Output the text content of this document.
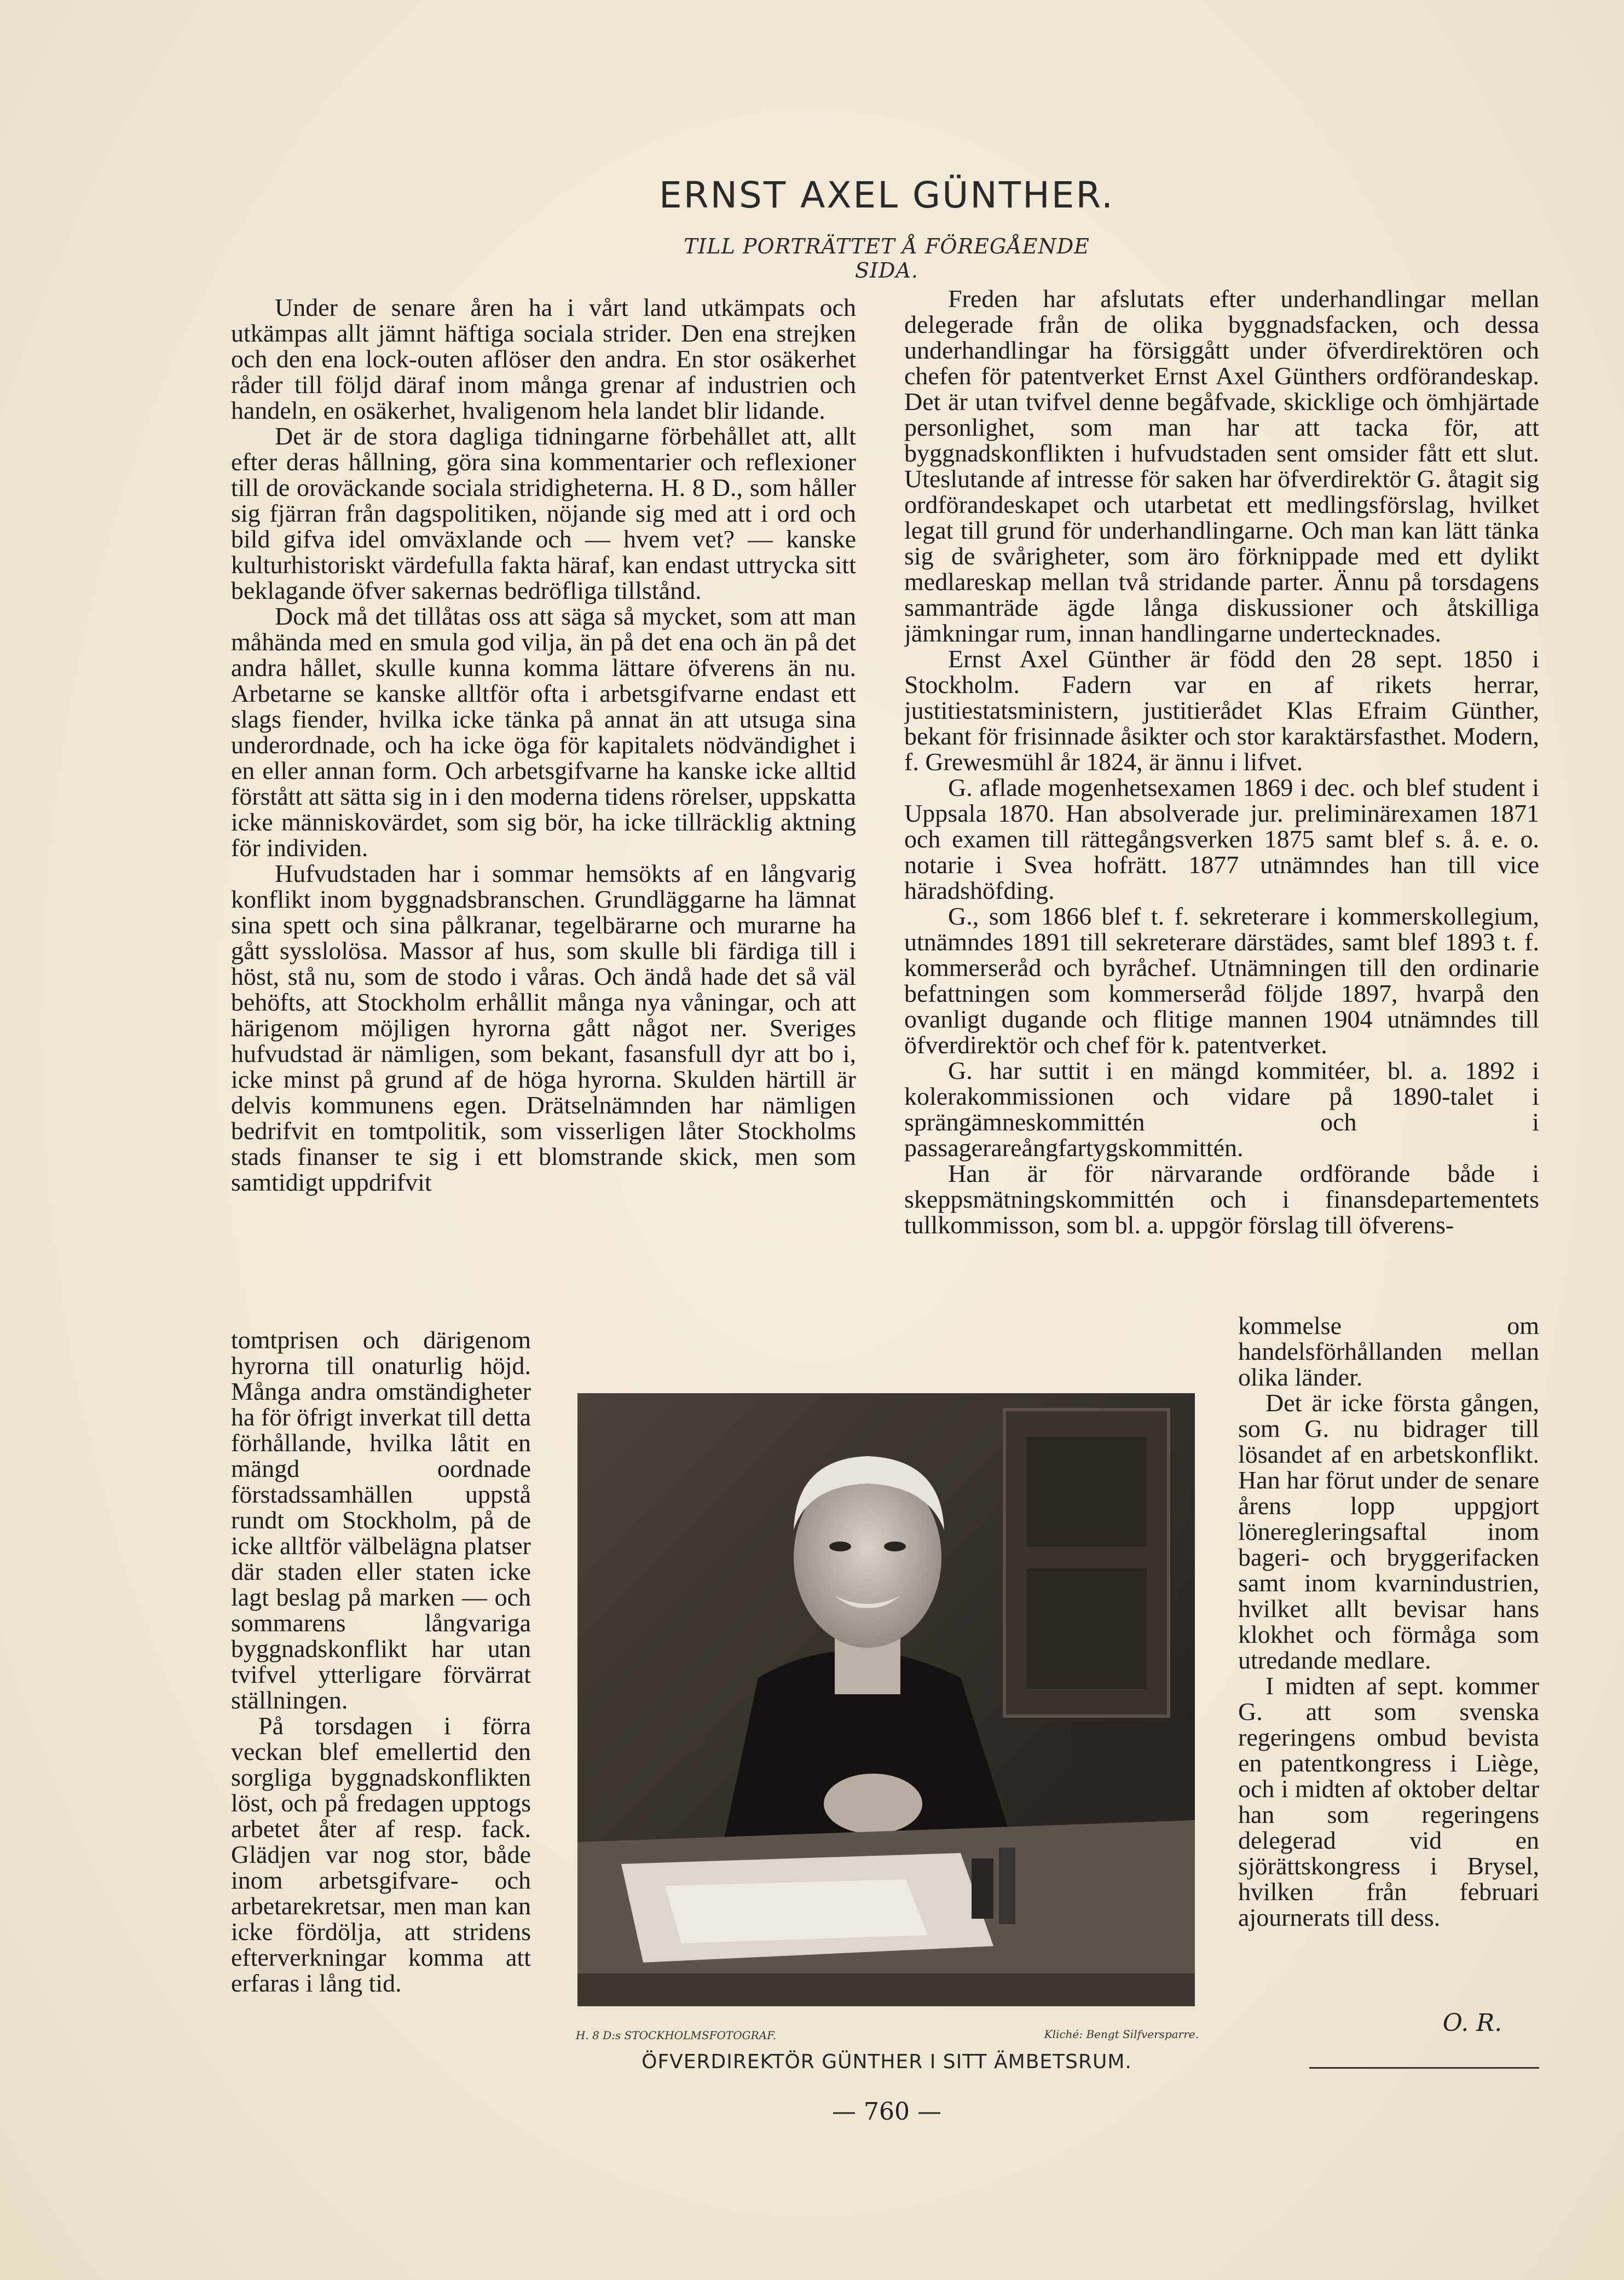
ERNST AXEL GÜNTHER.

TILL PORTRÄTTET Å FÖREGÅENDE SIDA.

Under de senare åren ha i vårt land utkämpats och utkämpas allt jämnt häftiga sociala strider. Den ena strejken och den ena lock-outen aflöser den andra. En stor osäkerhet råder till följd däraf inom många grenar af industrien och handeln, en osäkerhet, hvaligenom hela landet blir lidande.

Det är de stora dagliga tidningarne förbehållet att, allt efter deras hållning, göra sina kommentarier och reflexioner till de oroväckande sociala stridigheterna. H. 8 D., som håller sig fjärran från dagspolitiken, nöjande sig med att i ord och bild gifva idel omväxlande och — hvem vet? — kanske kulturhistoriskt värdefulla fakta häraf, kan endast uttrycka sitt beklagande öfver sakernas bedröfliga tillstånd.

Dock må det tillåtas oss att säga så mycket, som att man måhända med en smula god vilja, än på det ena och än på det andra hållet, skulle kunna komma lättare öfverens än nu. Arbetarne se kanske alltför ofta i arbetsgifvarne endast ett slags fiender, hvilka icke tänka på annat än att utsuga sina underordnade, och ha icke öga för kapitalets nödvändighet i en eller annan form. Och arbetsgifvarne ha kanske icke alltid förstått att sätta sig in i den moderna tidens rörelser, uppskatta icke människovärdet, som sig bör, ha icke tillräcklig aktning för individen.

Hufvudstaden har i sommar hemsökts af en långvarig konflikt inom byggnadsbranschen. Grundläggarne ha lämnat sina spett och sina pålkranar, tegelbärarne och murarne ha gått sysslolösa. Massor af hus, som skulle bli färdiga till i höst, stå nu, som de stodo i våras. Och ändå hade det så väl behöfts, att Stockholm erhållit många nya våningar, och att härigenom möjligen hyrorna gått något ner. Sveriges hufvudstad är nämligen, som bekant, fasansfull dyr att bo i, icke minst på grund af de höga hyrorna. Skulden härtill är delvis kommunens egen. Drätselnämnden har nämligen bedrifvit en tomtpolitik, som visserligen låter Stockholms stads finanser te sig i ett blomstrande skick, men som samtidigt uppdrifvit

tomtprisen och därigenom hyrorna till onaturlig höjd. Många andra omständigheter ha för öfrigt inverkat till detta förhållande, hvilka låtit en mängd oordnade förstadssamhällen uppstå rundt om Stockholm, på de icke alltför välbelägna platser där staden eller staten icke lagt beslag på marken — och sommarens långvariga byggnadskonflikt har utan tvifvel ytterligare förvärrat ställningen.

På torsdagen i förra veckan blef emellertid den sorgliga byggnadskonflikten löst, och på fredagen upptogs arbetet åter af resp. fack. Glädjen var nog stor, både inom arbetsgifvare- och arbetarekretsar, men man kan icke fördölja, att stridens efterverkningar komma att erfaras i lång tid.

Freden har afslutats efter underhandlingar mellan delegerade från de olika byggnadsfacken, och dessa underhandlingar ha försiggått under öfverdirektören och chefen för patentverket Ernst Axel Günthers ordförandeskap. Det är utan tvifvel denne begåfvade, skicklige och ömhjärtade personlighet, som man har att tacka för, att byggnadskonflikten i hufvudstaden sent omsider fått ett slut. Uteslutande af intresse för saken har öfverdirektör G. åtagit sig ordförandeskapet och utarbetat ett medlingsförslag, hvilket legat till grund för underhandlingarne. Och man kan lätt tänka sig de svårigheter, som äro förknippade med ett dylikt medlareskap mellan två stridande parter. Ännu på torsdagens sammanträde ägde långa diskussioner och åtskilliga jämkningar rum, innan handlingarne undertecknades.

Ernst Axel Günther är född den 28 sept. 1850 i Stockholm. Fadern var en af rikets herrar, justitiestatsministern, justitierådet Klas Efraim Günther, bekant för frisinnade åsikter och stor karaktärsfasthet. Modern, f. Grewesmühl år 1824, är ännu i lifvet.

G. aflade mogenhetsexamen 1869 i dec. och blef student i Uppsala 1870. Han absolverade jur. preliminärexamen 1871 och examen till rättegångsverken 1875 samt blef s. å. e. o. notarie i Svea hofrätt. 1877 utnämndes han till vice häradshöfding.

G., som 1866 blef t. f. sekreterare i kommerskollegium, utnämndes 1891 till sekreterare därstädes, samt blef 1893 t. f. kommerseråd och byråchef. Utnämningen till den ordinarie befattningen som kommerseråd följde 1897, hvarpå den ovanligt dugande och flitige mannen 1904 utnämndes till öfverdirektör och chef för k. patentverket.

G. har suttit i en mängd kommitéer, bl. a. 1892 i kolerakommissionen och vidare på 1890-talet i sprängämneskommittén och i passagerareångfartygskommittén.

Han är för närvarande ordförande både i skeppsmätningskommittén och i finansdepartementets tullkommisson, som bl. a. uppgör förslag till öfverens-

kommelse om handelsförhållanden mellan olika länder.

Det är icke första gången, som G. nu bidrager till lösandet af en arbetskonflikt. Han har förut under de senare årens lopp uppgjort löneregleringsaftal inom bageri- och bryggerifacken samt inom kvarnindustrien, hvilket allt bevisar hans klokhet och förmåga som utredande medlare.

I midten af sept. kommer G. att som svenska regeringens ombud bevista en patentkongress i Liège, och i midten af oktober deltar han som regeringens delegerad vid en sjörättskongress i Brysel, hvilken från februari ajournerats till dess.

H. 8 D:s STOCKHOLMSFOTOGRAF.	Kliché: Bengt Silfversparre.

ÖFVERDIREKTÖR GÜNTHER I SITT ÄMBETSRUM.

O. R.

— 760 —
